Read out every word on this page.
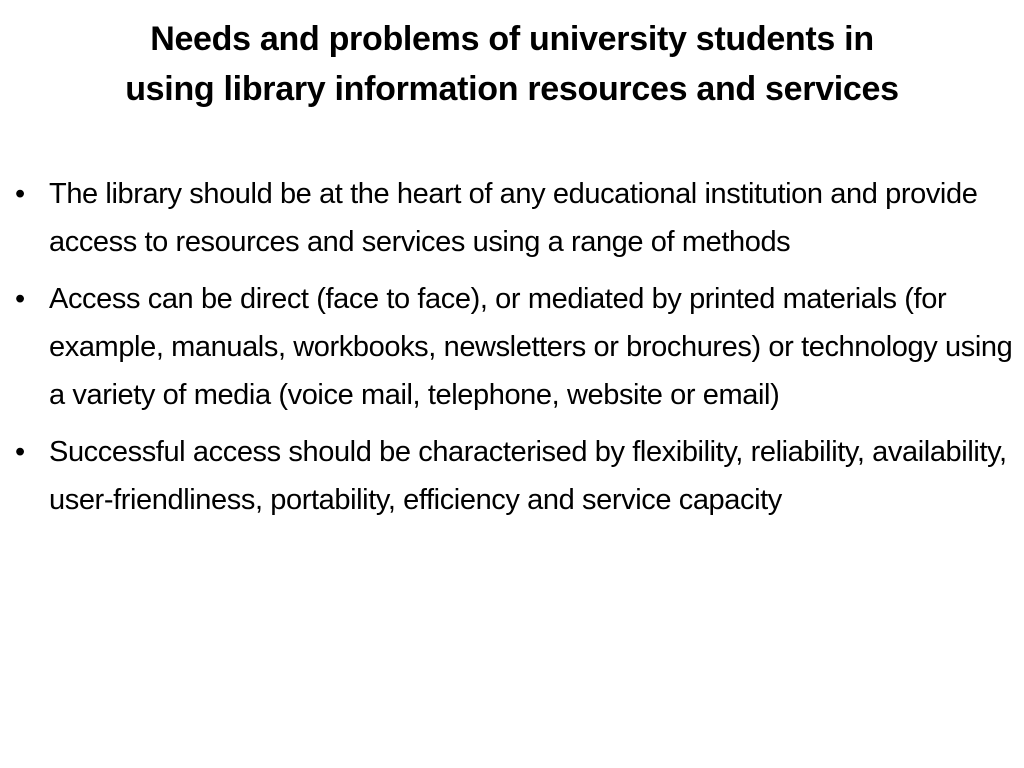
Needs and problems of university students in
using library information resources and services
• The library should be at the heart of any educational institution and provide access to resources and services using a range of methods
• Access can be direct (face to face), or mediated by printed materials (for example, manuals, workbooks, newsletters or brochures) or technology using a variety of media (voice mail, telephone, website or email)
• Successful access should be characterised by flexibility, reliability, availability, user-friendliness, portability, efficiency and service capacity
